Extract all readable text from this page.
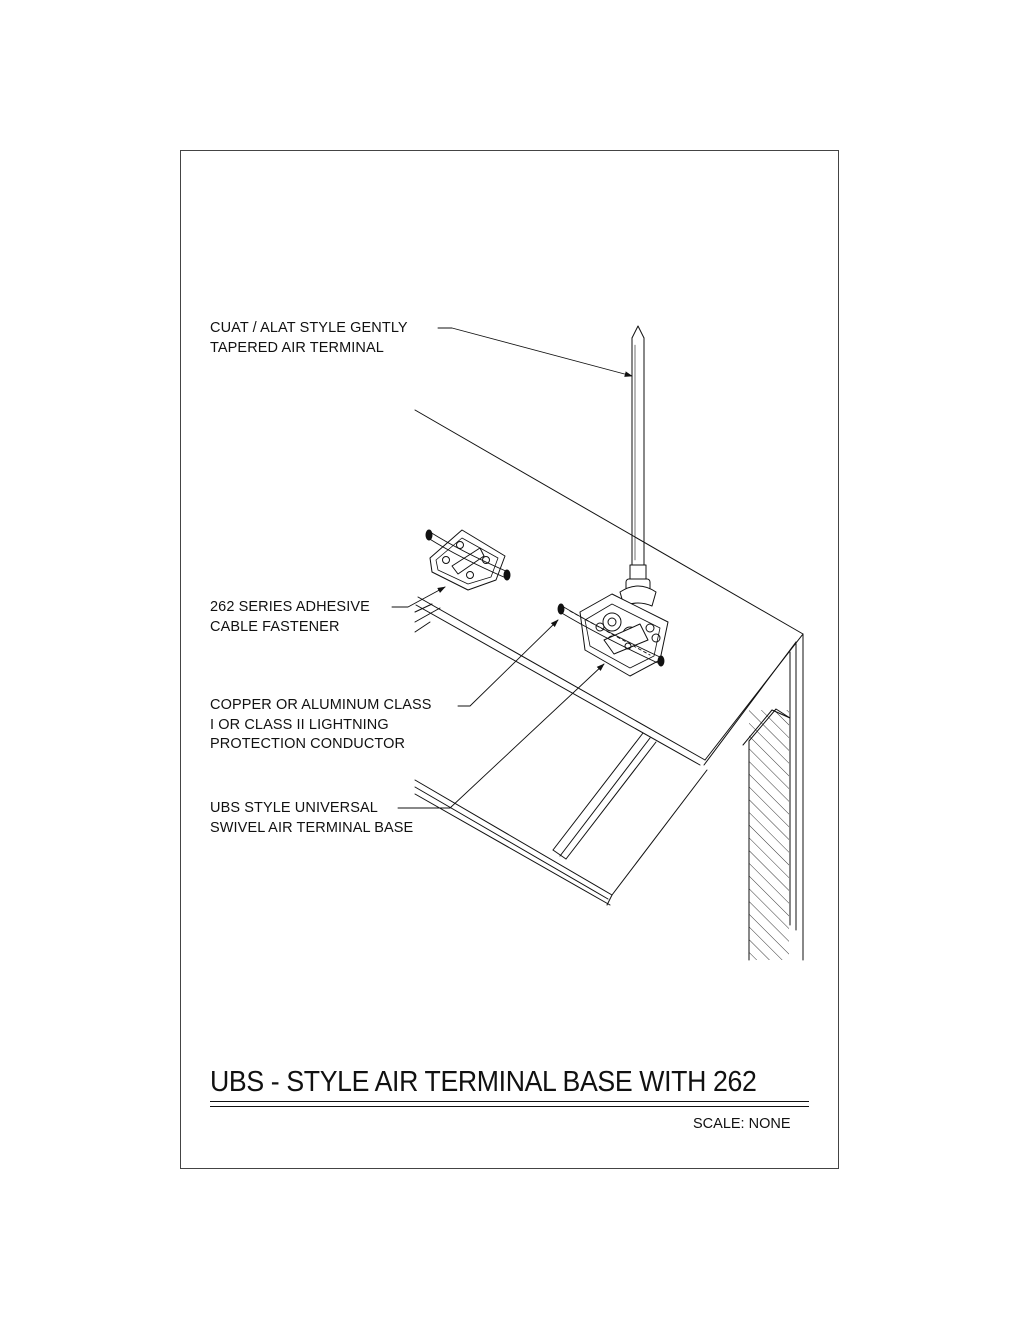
CUAT / ALAT STYLE GENTLY
TAPERED AIR TERMINAL
262 SERIES ADHESIVE
CABLE FASTENER
COPPER OR ALUMINUM CLASS
I OR CLASS II LIGHTNING
PROTECTION CONDUCTOR
UBS STYLE UNIVERSAL
SWIVEL AIR TERMINAL BASE
UBS - STYLE AIR TERMINAL BASE WITH 262
SCALE: NONE
